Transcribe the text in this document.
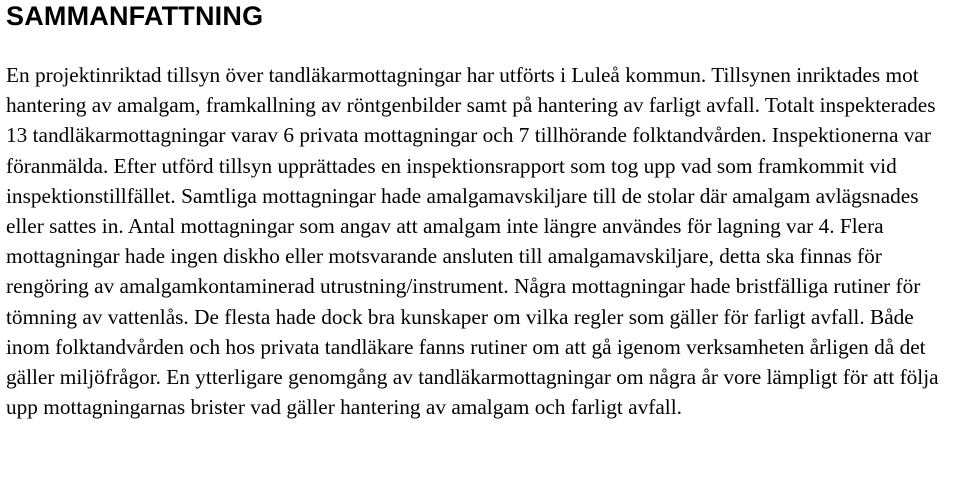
SAMMANFATTNING

En projektinriktad tillsyn över tandläkarmottagningar har utförts i Luleå kommun. Tillsynen inriktades mot hantering av amalgam, framkallning av röntgenbilder samt på hantering av farligt avfall. Totalt inspekterades 13 tandläkarmottagningar varav 6 privata mottagningar och 7 tillhörande folktandvården. Inspektionerna var föranmälda. Efter utförd tillsyn upprättades en inspektionsrapport som tog upp vad som framkommit vid inspektionstillfället. Samtliga mottagningar hade amalgamavskiljare till de stolar där amalgam avlägsnades eller sattes in. Antal mottagningar som angav att amalgam inte längre användes för lagning var 4. Flera mottagningar hade ingen diskho eller motsvarande ansluten till amalgamavskiljare, detta ska finnas för rengöring av amalgamkontaminerad utrustning/instrument. Några mottagningar hade bristfälliga rutiner för tömning av vattenlås. De flesta hade dock bra kunskaper om vilka regler som gäller för farligt avfall. Både inom folktandvården och hos privata tandläkare fanns rutiner om att gå igenom verksamheten årligen då det gäller miljöfrågor. En ytterligare genomgång av tandläkarmottagningar om några år vore lämpligt för att följa upp mottagningarnas brister vad gäller hantering av amalgam och farligt avfall.
